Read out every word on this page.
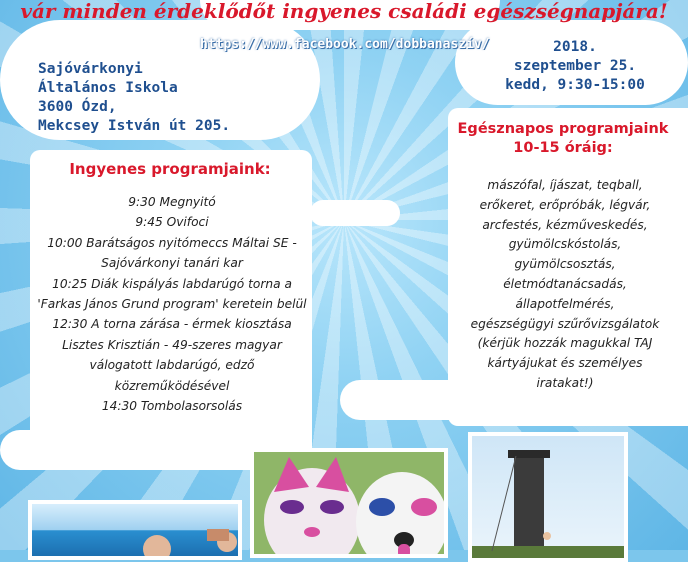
vár minden érdeklődőt ingyenes családi egészségnapjára!
https://www.facebook.com/dobbanaszív/
Sajóvárkonyi
Általános Iskola
3600 Ózd,
Mekcsey István út 205.
2018.
szeptember 25.
kedd, 9:30-15:00
Ingyenes programjaink:
9:30 Megnyitó
9:45 Ovifoci
10:00 Barátságos nyitómeccs Máltai SE -
Sajóvárkonyi tanári kar
10:25 Diák kispályás labdarúgó torna a
'Farkas János Grund program' keretein belül
12:30 A torna zárása - érmek kiosztása
Lisztes Krisztián - 49-szeres magyar
válogatott labdarúgó, edző
közreműködésével
14:30 Tombolasorsolás
Egésznapos programjaink
10-15 óráig:
mászófal, íjászat, teqball,
erőkeret, erőpróbák, légvár,
arcfestés, kézművesked́és,
gyümölcskóstolás,
gyümölcsosztás,
életmódtanácsadás,
állapotfelmérés,
egészségügyi szűrővizsgálatok
(kérjük hozzák magukkal TAJ
kártyájukat és személyes
iratakat!)
